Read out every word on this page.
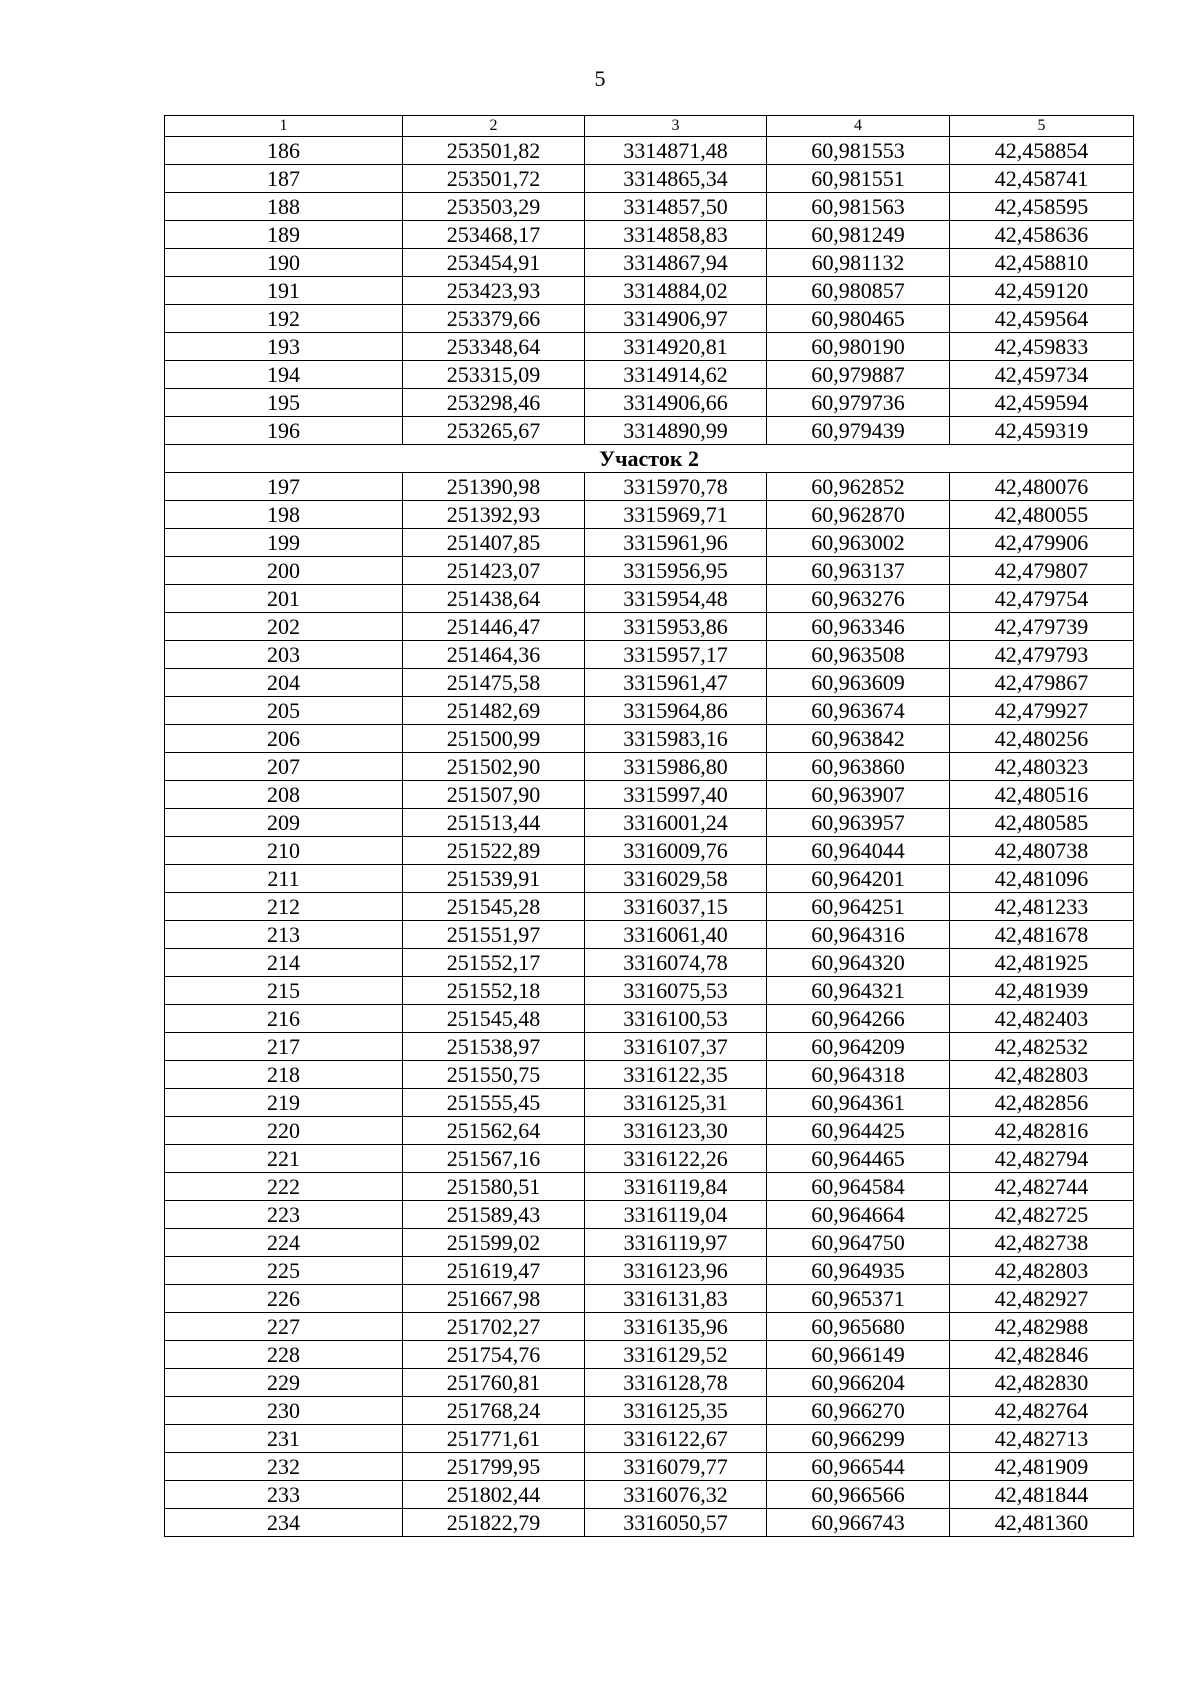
5
1	2	3	4	5
186	253501,82	3314871,48	60,981553	42,458854
187	253501,72	3314865,34	60,981551	42,458741
188	253503,29	3314857,50	60,981563	42,458595
189	253468,17	3314858,83	60,981249	42,458636
190	253454,91	3314867,94	60,981132	42,458810
191	253423,93	3314884,02	60,980857	42,459120
192	253379,66	3314906,97	60,980465	42,459564
193	253348,64	3314920,81	60,980190	42,459833
194	253315,09	3314914,62	60,979887	42,459734
195	253298,46	3314906,66	60,979736	42,459594
196	253265,67	3314890,99	60,979439	42,459319
Участок 2				
197	251390,98	3315970,78	60,962852	42,480076
198	251392,93	3315969,71	60,962870	42,480055
199	251407,85	3315961,96	60,963002	42,479906
200	251423,07	3315956,95	60,963137	42,479807
201	251438,64	3315954,48	60,963276	42,479754
202	251446,47	3315953,86	60,963346	42,479739
203	251464,36	3315957,17	60,963508	42,479793
204	251475,58	3315961,47	60,963609	42,479867
205	251482,69	3315964,86	60,963674	42,479927
206	251500,99	3315983,16	60,963842	42,480256
207	251502,90	3315986,80	60,963860	42,480323
208	251507,90	3315997,40	60,963907	42,480516
209	251513,44	3316001,24	60,963957	42,480585
210	251522,89	3316009,76	60,964044	42,480738
211	251539,91	3316029,58	60,964201	42,481096
212	251545,28	3316037,15	60,964251	42,481233
213	251551,97	3316061,40	60,964316	42,481678
214	251552,17	3316074,78	60,964320	42,481925
215	251552,18	3316075,53	60,964321	42,481939
216	251545,48	3316100,53	60,964266	42,482403
217	251538,97	3316107,37	60,964209	42,482532
218	251550,75	3316122,35	60,964318	42,482803
219	251555,45	3316125,31	60,964361	42,482856
220	251562,64	3316123,30	60,964425	42,482816
221	251567,16	3316122,26	60,964465	42,482794
222	251580,51	3316119,84	60,964584	42,482744
223	251589,43	3316119,04	60,964664	42,482725
224	251599,02	3316119,97	60,964750	42,482738
225	251619,47	3316123,96	60,964935	42,482803
226	251667,98	3316131,83	60,965371	42,482927
227	251702,27	3316135,96	60,965680	42,482988
228	251754,76	3316129,52	60,966149	42,482846
229	251760,81	3316128,78	60,966204	42,482830
230	251768,24	3316125,35	60,966270	42,482764
231	251771,61	3316122,67	60,966299	42,482713
232	251799,95	3316079,77	60,966544	42,481909
233	251802,44	3316076,32	60,966566	42,481844
234	251822,79	3316050,57	60,966743	42,481360
